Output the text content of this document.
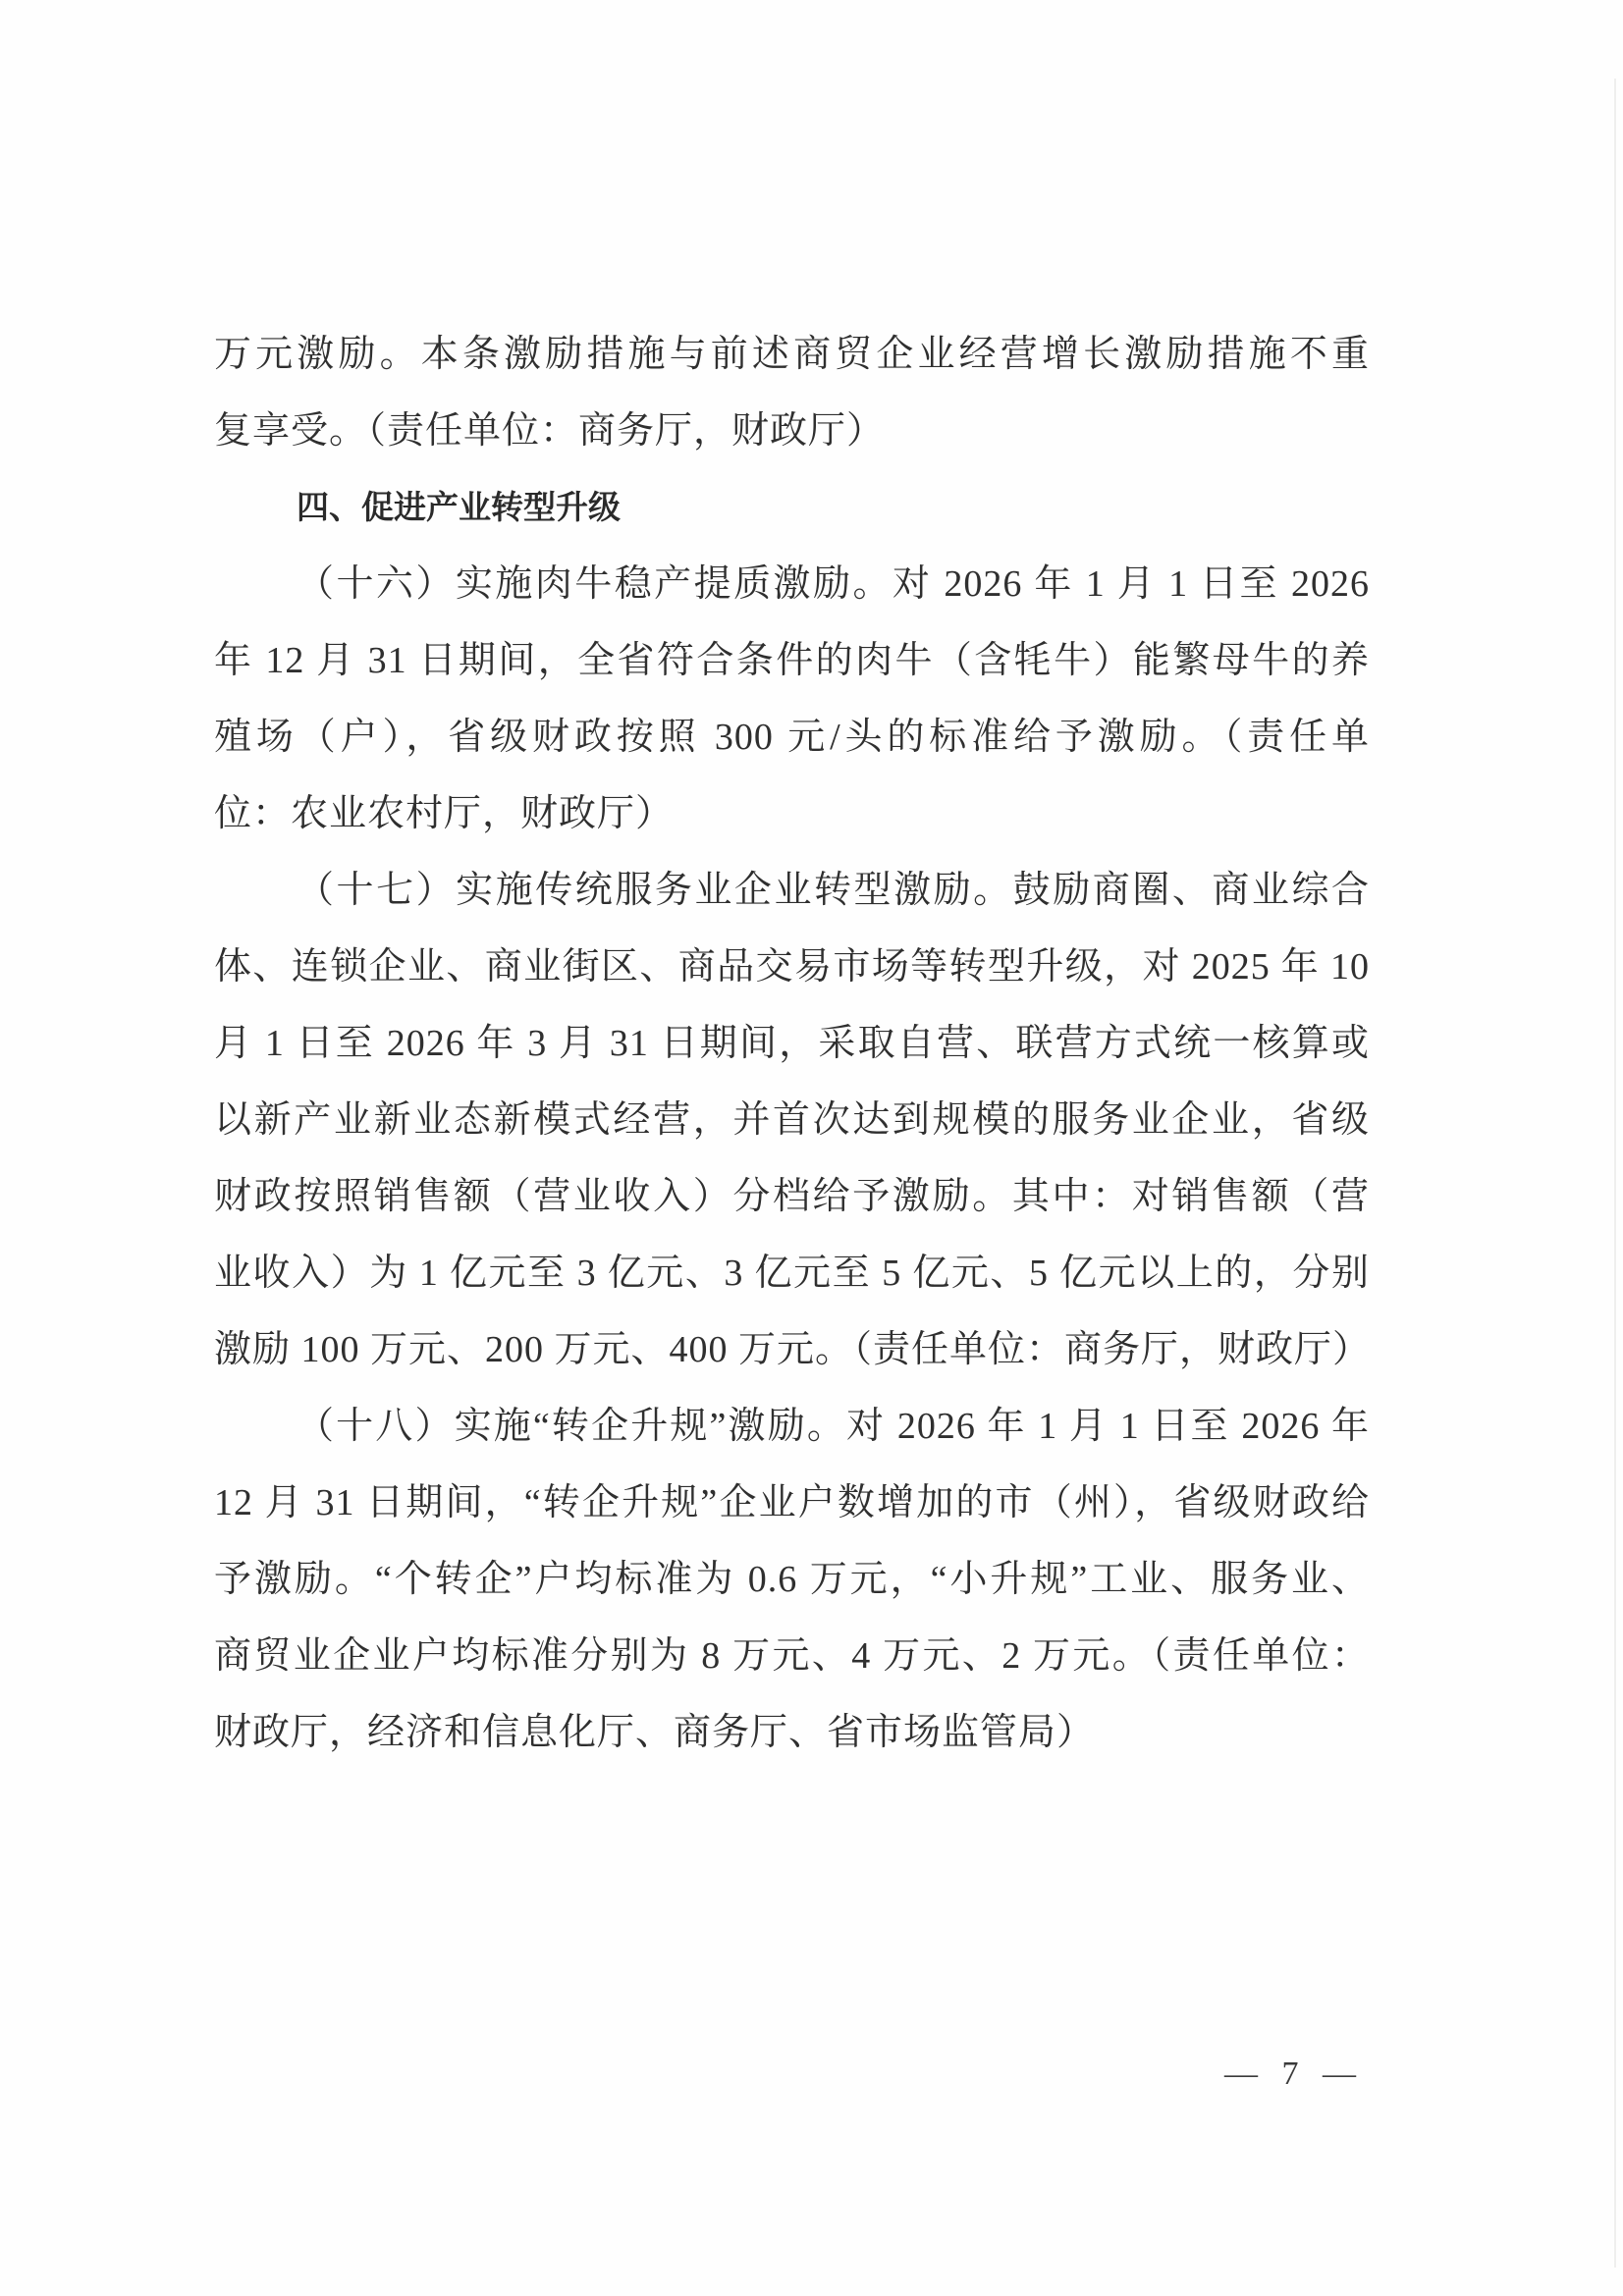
万元激励。本条激励措施与前述商贸企业经营增长激励措施不重
复享受。（责任单位：商务厅，财政厅）
四、促进产业转型升级
（十六）实施肉牛稳产提质激励。对 2026 年 1 月 1 日至 2026
年 12 月 31 日期间，全省符合条件的肉牛（含牦牛）能繁母牛的养
殖场（户），省级财政按照 300 元/头的标准给予激励。（责任单
位：农业农村厅，财政厅）
（十七）实施传统服务业企业转型激励。鼓励商圈、商业综合
体、连锁企业、商业街区、商品交易市场等转型升级，对 2025 年 10
月 1 日至 2026 年 3 月 31 日期间，采取自营、联营方式统一核算或
以新产业新业态新模式经营，并首次达到规模的服务业企业，省级
财政按照销售额（营业收入）分档给予激励。其中：对销售额（营
业收入）为 1 亿元至 3 亿元、3 亿元至 5 亿元、5 亿元以上的，分别
激励 100 万元、200 万元、400 万元。（责任单位：商务厅，财政厅）
（十八）实施“转企升规”激励。对 2026 年 1 月 1 日至 2026 年
12 月 31 日期间，“转企升规”企业户数增加的市（州），省级财政给
予激励。“个转企”户均标准为 0.6 万元，“小升规”工业、服务业、
商贸业企业户均标准分别为 8 万元、4 万元、2 万元。（责任单位：
财政厅，经济和信息化厅、商务厅、省市场监管局）
— 7 —
